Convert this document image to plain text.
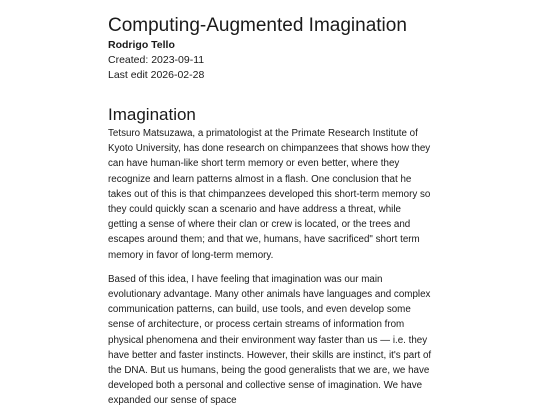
Computing-Augmented Imagination

Rodrigo Tello

Created: 2023-09-11

Last edit 2026-02-28

Imagination

Tetsuro Matsuzawa, a primatologist at the Primate Research Institute of Kyoto University, has done research on chimpanzees that shows how they can have human-like short term memory or even better, where they recognize and learn patterns almost in a flash. One conclusion that he takes out of this is that chimpanzees developed this short-term memory so they could quickly scan a scenario and have address a threat, while getting a sense of where their clan or crew is located, or the trees and escapes around them; and that we, humans, have sacrificed" short term memory in favor of long-term memory.

Based of this idea, I have feeling that imagination was our main evolutionary advantage. Many other animals have languages and complex communication patterns, can build, use tools, and even develop some sense of architecture, or process certain streams of information from physical phenomena and their environment way faster than us — i.e. they have better and faster instincts. However, their skills are instinct, it's part of the DNA. But us humans, being the good generalists that we are, we have developed both a personal and collective sense of imagination. We have expanded our sense of space
